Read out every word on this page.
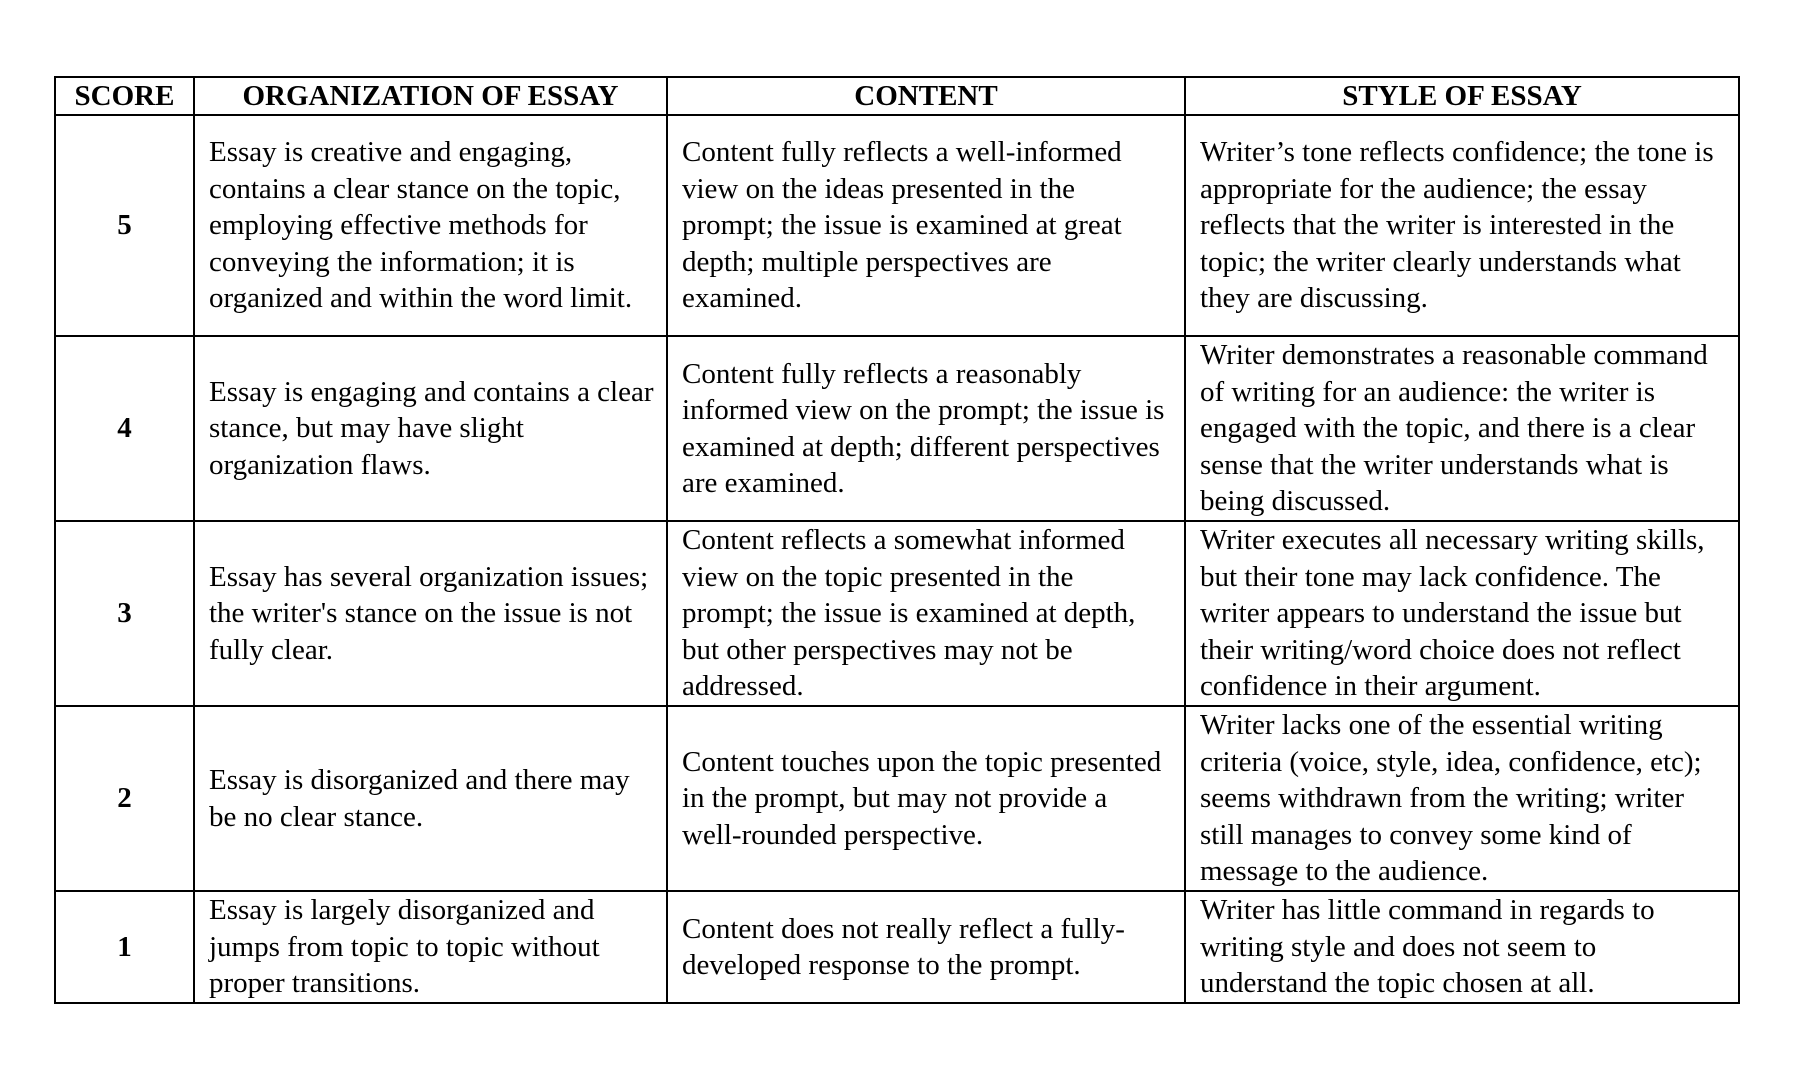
SCORE	ORGANIZATION OF ESSAY	CONTENT	STYLE OF ESSAY
5	Essay is creative and engaging, contains a clear stance on the topic, employing effective methods for conveying the information; it is organized and within the word limit.	Content fully reflects a well-informed view on the ideas presented in the prompt; the issue is examined at great depth; multiple perspectives are examined.	Writer’s tone reflects confidence; the tone is appropriate for the audience; the essay reflects that the writer is interested in the topic; the writer clearly understands what they are discussing.
4	Essay is engaging and contains a clear stance, but may have slight organization flaws.	Content fully reflects a reasonably informed view on the prompt; the issue is examined at depth; different perspectives are examined.	Writer demonstrates a reasonable command of writing for an audience: the writer is engaged with the topic, and there is a clear sense that the writer understands what is being discussed.
3	Essay has several organization issues; the writer's stance on the issue is not fully clear.	Content reflects a somewhat informed view on the topic presented in the prompt; the issue is examined at depth, but other perspectives may not be addressed.	Writer executes all necessary writing skills, but their tone may lack confidence. The writer appears to understand the issue but their writing/word choice does not reflect confidence in their argument.
2	Essay is disorganized and there may be no clear stance.	Content touches upon the topic presented in the prompt, but may not provide a well-rounded perspective.	Writer lacks one of the essential writing criteria (voice, style, idea, confidence, etc); seems withdrawn from the writing; writer still manages to convey some kind of message to the audience.
1	Essay is largely disorganized and jumps from topic to topic without proper transitions.	Content does not really reflect a fully-developed response to the prompt.	Writer has little command in regards to writing style and does not seem to understand the topic chosen at all.
